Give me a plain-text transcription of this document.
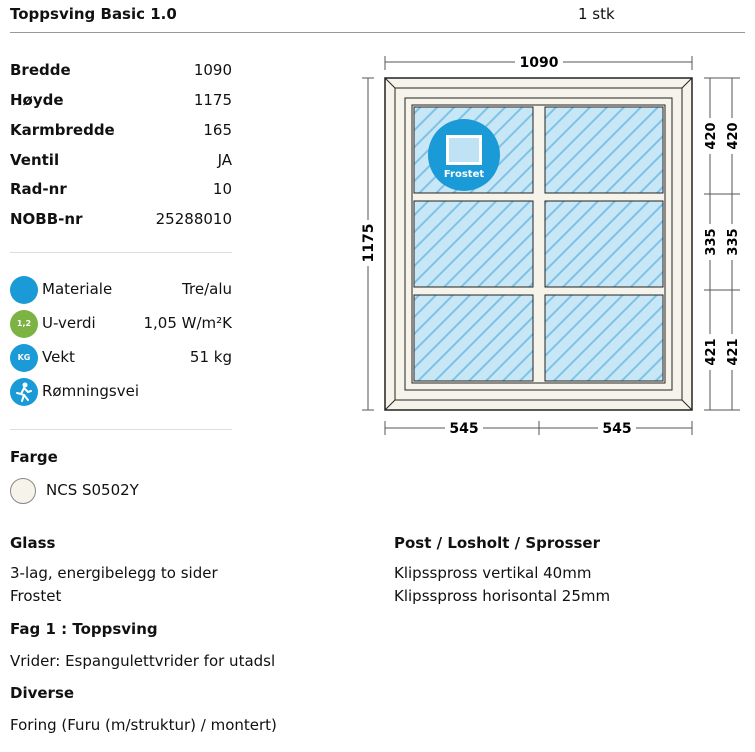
Toppsving Basic 1.0	1 stk
Bredde	1090
Høyde	1175
Karmbredde	165
Ventil	JA
Rad-nr	10
NOBB-nr	25288010
Materiale	Tre/alu
1,2 U-verdi	1,05 W/m²K
KG Vekt	51 kg
Rømningsvei
Farge
NCS S0502Y
Glass
3-lag, energibelegg to sider
Frostet
Post / Losholt / Sprosser
Klipsspross vertikal 40mm
Klipsspross horisontal 25mm
Fag 1 : Toppsving
Vrider: Espangulettvrider for utadsl
Diverse
Foring (Furu (m/struktur) / montert)
1090
1175
Frostet
545	545
420 420
335 335
421 421
